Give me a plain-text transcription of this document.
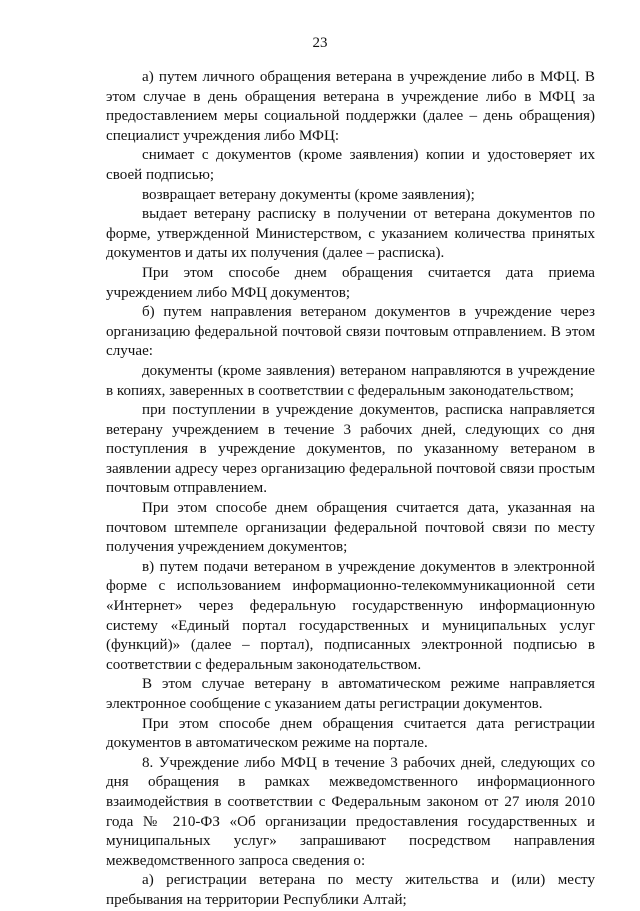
23

а) путем личного обращения ветерана в учреждение либо в МФЦ. В этом случае в день обращения ветерана в учреждение либо в МФЦ за предоставлением меры социальной поддержки (далее – день обращения) специалист учреждения либо МФЦ:

снимает с документов (кроме заявления) копии и удостоверяет их своей подписью;

возвращает ветерану документы (кроме заявления);

выдает ветерану расписку в получении от ветерана документов по форме, утвержденной Министерством, с указанием количества принятых документов и даты их получения (далее – расписка).

При этом способе днем обращения считается дата приема учреждением либо МФЦ документов;

б) путем направления ветераном документов в учреждение через организацию федеральной почтовой связи почтовым отправлением. В этом случае:

документы (кроме заявления) ветераном направляются в учреждение в копиях, заверенных в соответствии с федеральным законодательством;

при поступлении в учреждение документов, расписка направляется ветерану учреждением в течение 3 рабочих дней, следующих со дня поступления в учреждение документов, по указанному ветераном в заявлении адресу через организацию федеральной почтовой связи простым почтовым отправлением.

При этом способе днем обращения считается дата, указанная на почтовом штемпеле организации федеральной почтовой связи по месту получения учреждением документов;

в) путем подачи ветераном в учреждение документов в электронной форме с использованием информационно-телекоммуникационной сети «Интернет» через федеральную государственную информационную систему «Единый портал государственных и муниципальных услуг (функций)» (далее – портал), подписанных электронной подписью в соответствии с федеральным законодательством.

В этом случае ветерану в автоматическом режиме направляется электронное сообщение с указанием даты регистрации документов.

При этом способе днем обращения считается дата регистрации документов в автоматическом режиме на портале.

8. Учреждение либо МФЦ в течение 3 рабочих дней, следующих со дня обращения в рамках межведомственного информационного взаимодействия в соответствии с Федеральным законом от 27 июля 2010 года № 210-ФЗ «Об организации предоставления государственных и муниципальных услуг» запрашивают посредством направления межведомственного запроса сведения о:

а) регистрации ветерана по месту жительства и (или) месту пребывания на территории Республики Алтай;
